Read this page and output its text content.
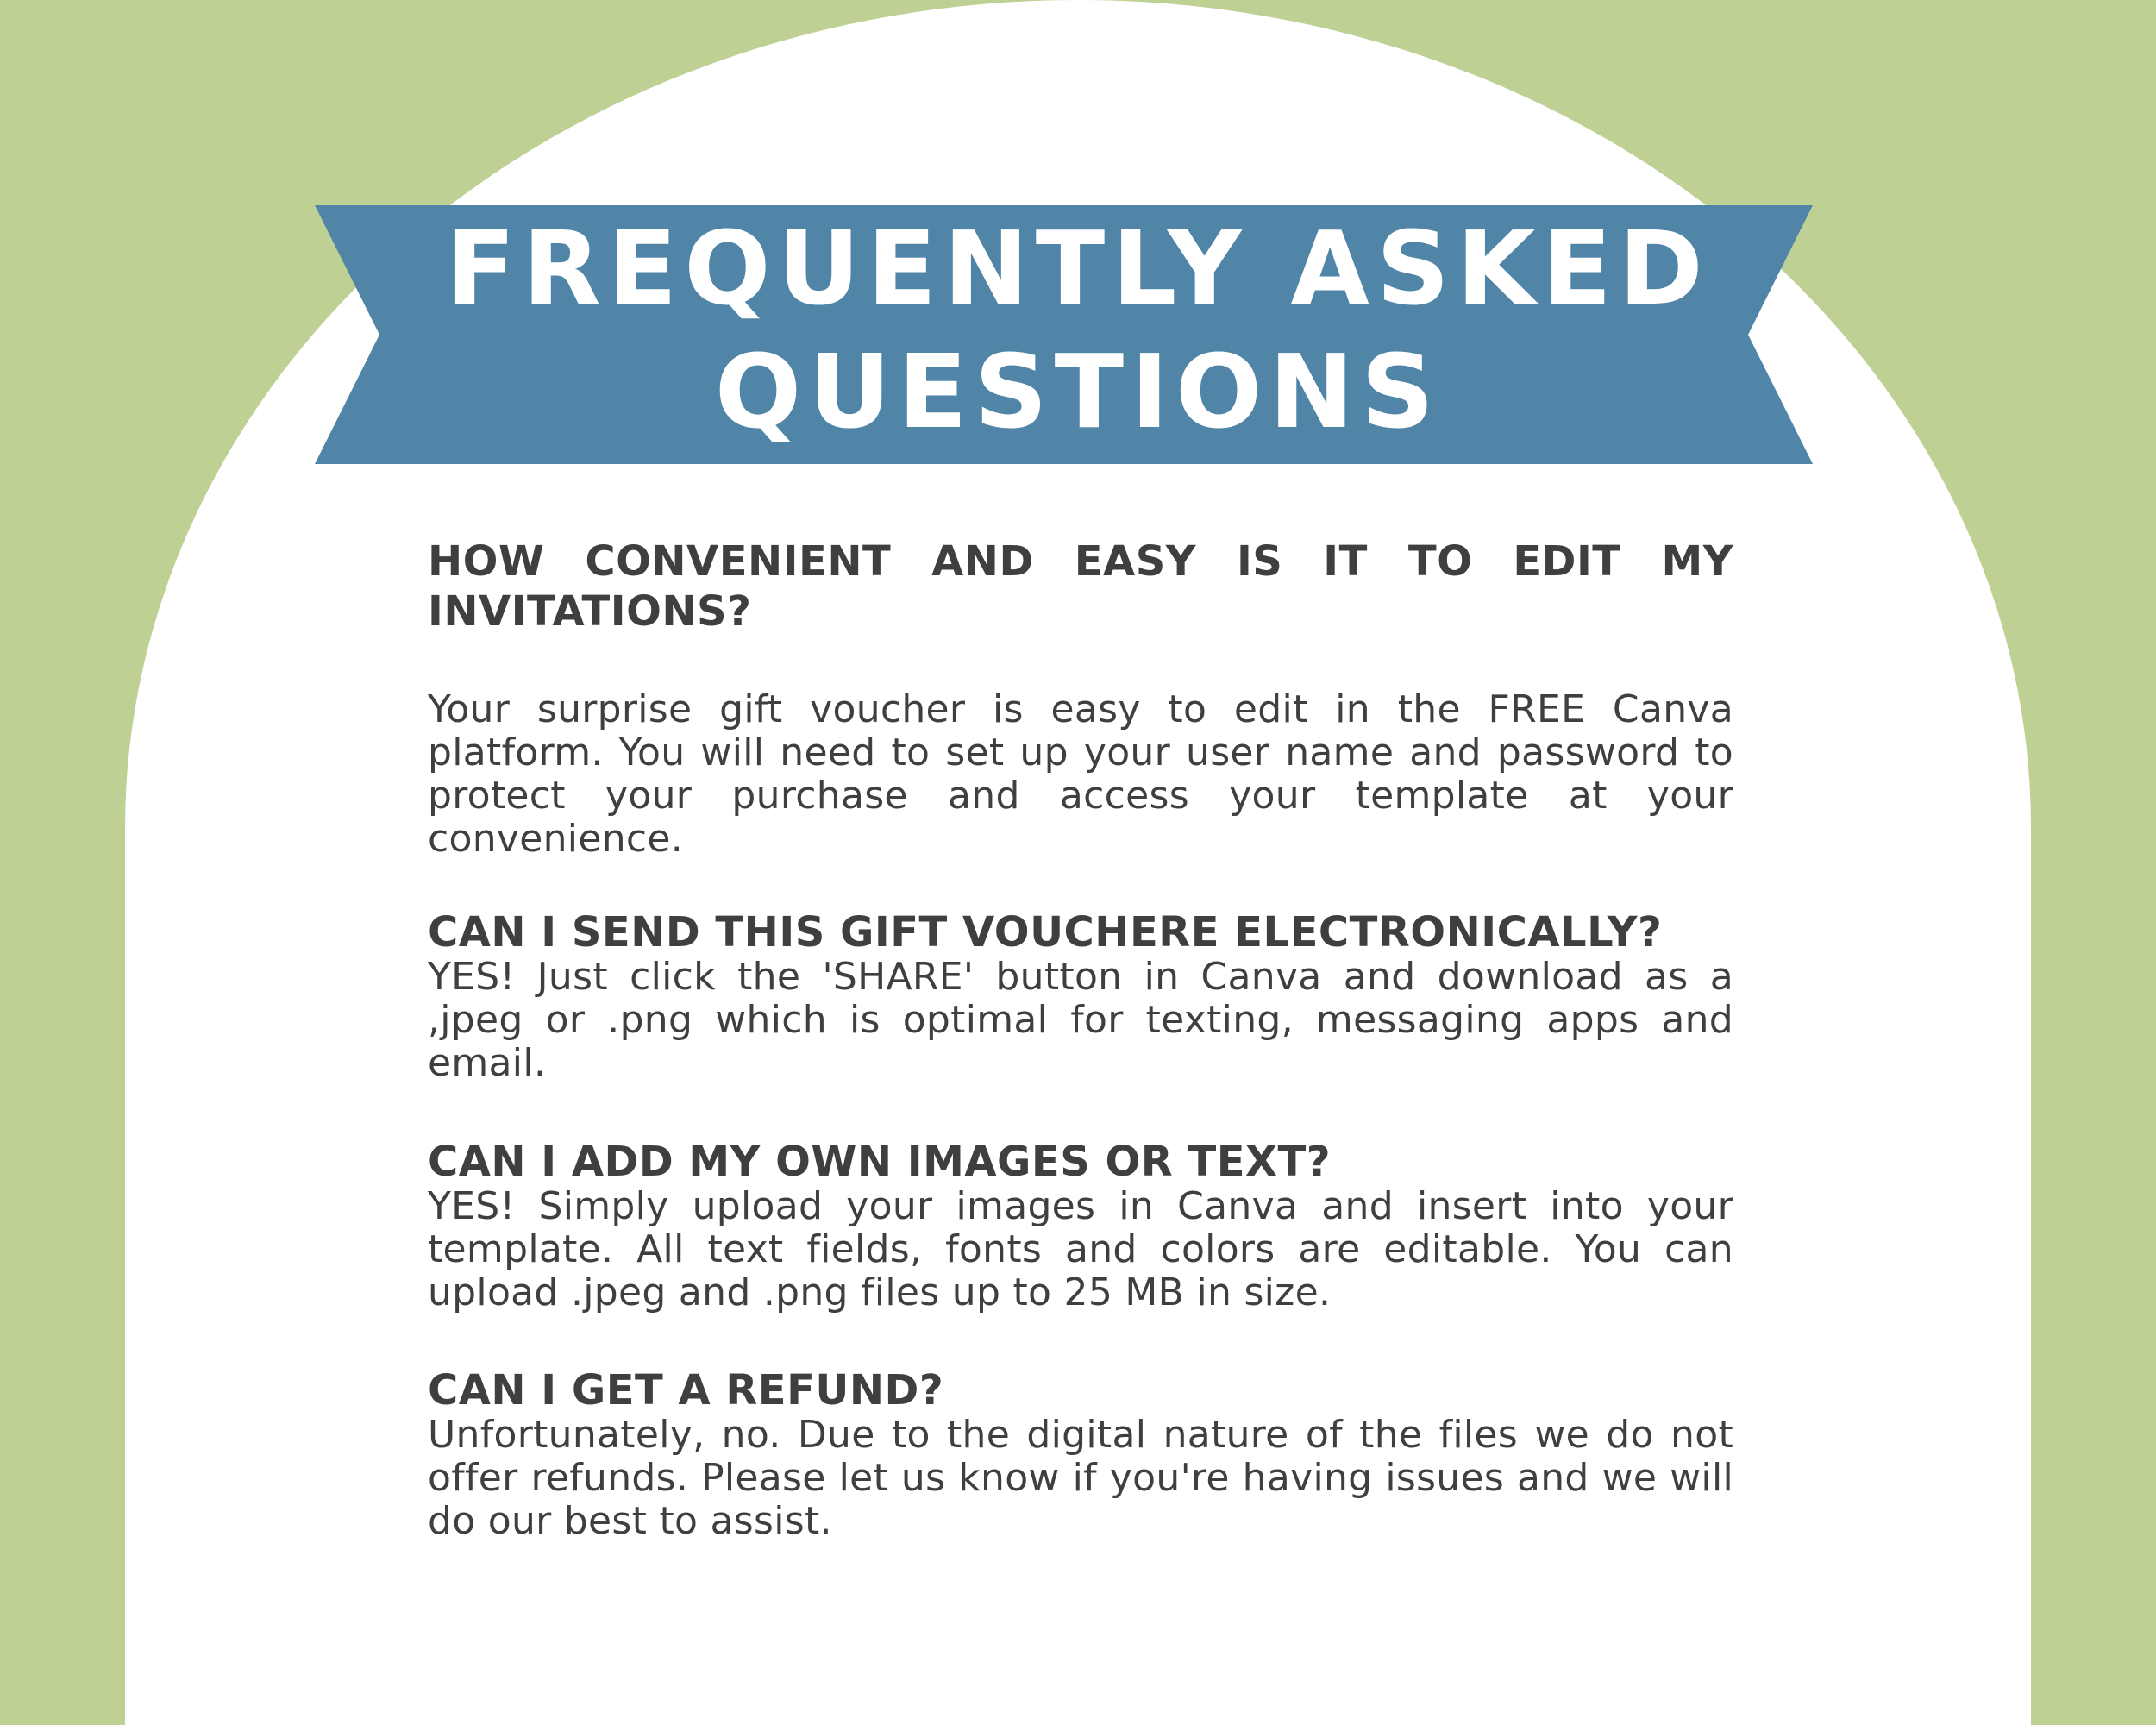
FREQUENTLY ASKED
QUESTIONS
HOW CONVENIENT AND EASY IS IT TO EDIT MY INVITATIONS?

Your surprise gift voucher is easy to edit in the FREE Canva platform. You will need to set up your user name and password to protect your purchase and access your template at your convenience.

CAN I SEND THIS GIFT VOUCHERE ELECTRONICALLY?

YES! Just click the 'SHARE' button in Canva and download as a ,jpeg or .png which is optimal for texting, messaging apps and email.

CAN I ADD MY OWN IMAGES OR TEXT?

YES! Simply upload your images in Canva and insert into your template. All text fields, fonts and colors are editable. You can upload .jpeg and .png files up to 25 MB in size.

CAN I GET A REFUND?

Unfortunately, no. Due to the digital nature of the files we do not offer refunds. Please let us know if you're having issues and we will do our best to assist.
